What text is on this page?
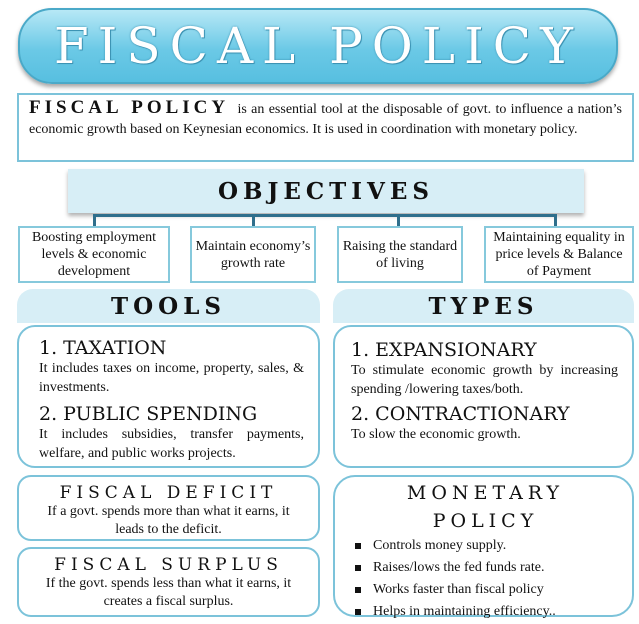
FISCAL POLICY
FISCAL POLICY is an essential tool at the disposable of govt. to influence a nation’s economic growth based on Keynesian economics. It is used in coordination with monetary policy.
OBJECTIVES
Boosting employment levels & economic development
Maintain economy’s growth rate
Raising the standard of living
Maintaining equality in price levels & Balance of Payment
TOOLS	TYPES
1. TAXATION

It includes taxes on income, property, sales, & investments.

2. PUBLIC SPENDING

It includes subsidies, transfer payments, welfare, and public works projects.

1. EXPANSIONARY

To stimulate economic growth by increasing spending /lowering taxes/both.

2. CONTRACTIONARY

To slow the economic growth.

FISCAL DEFICIT
If a govt. spends more than what it earns, it leads to the deficit.
FISCAL SURPLUS
If the govt. spends less than what it earns, it creates a fiscal surplus.
MONETARY
POLICY
Controls money supply.
Raises/lows the fed funds rate.
Works faster than fiscal policy
Helps in maintaining efficiency..
